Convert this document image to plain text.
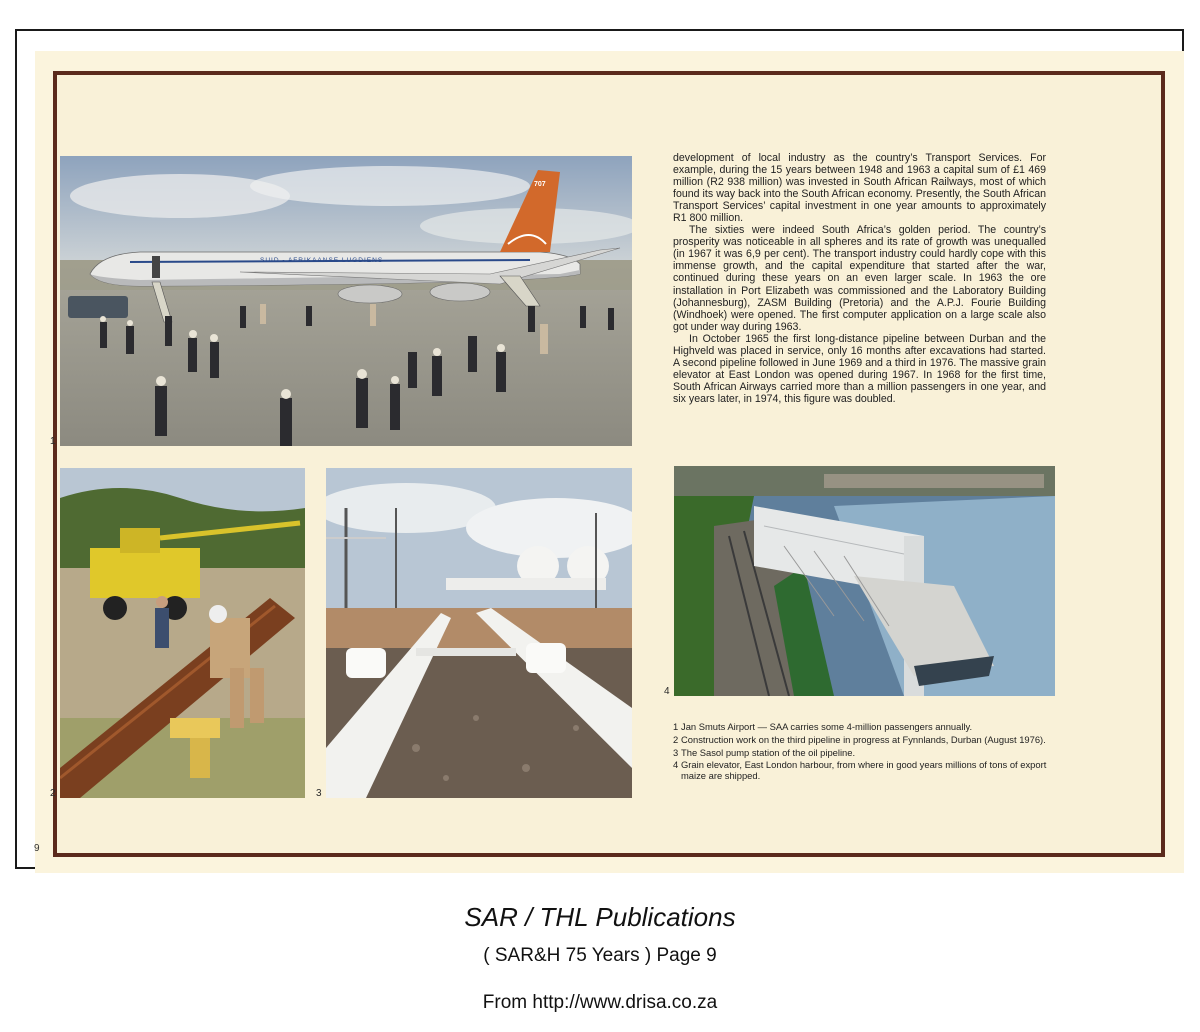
707
SUID - AFRIKAANSE LUGDIENS
1
2	3
4

development of local industry as the country’s Transport Services. For example, during the 15 years between 1948 and 1963 a capital sum of £1 469 million (R2 938 million) was invested in South African Railways, most of which found its way back into the South African economy. Presently, the South African Transport Services’ capital investment in one year amounts to approximately R1 800 million.

The sixties were indeed South Africa’s golden period. The country’s prosperity was noticeable in all spheres and its rate of growth was unequalled (in 1967 it was 6,9 per cent). The transport industry could hardly cope with this immense growth, and the capital expenditure that started after the war, continued during these years on an even larger scale. In 1963 the ore installation in Port Elizabeth was commissioned and the Laboratory Building (Johannesburg), ZASM Building (Pretoria) and the A.P.J. Fourie Building (Windhoek) were opened. The first computer application on a large scale also got under way during 1963.

In October 1965 the first long-distance pipeline between Durban and the Highveld was placed in service, only 16 months after excavations had started. A second pipeline followed in June 1969 and a third in 1976. The massive grain elevator at East London was opened during 1967. In 1968 for the first time, South African Airways carried more than a million passengers in one year, and six years later, in 1974, this figure was doubled.

1 Jan Smuts Airport — SAA carries some 4-million passengers annually.
2 Construction work on the third pipeline in progress at Fynnlands, Durban (August 1976).
3 The Sasol pump station of the oil pipeline.
4 Grain elevator, East London harbour, from where in good years millions of tons of export maize are shipped.
9
SAR / THL Publications
( SAR&H 75 Years ) Page 9
From http://www.drisa.co.za
